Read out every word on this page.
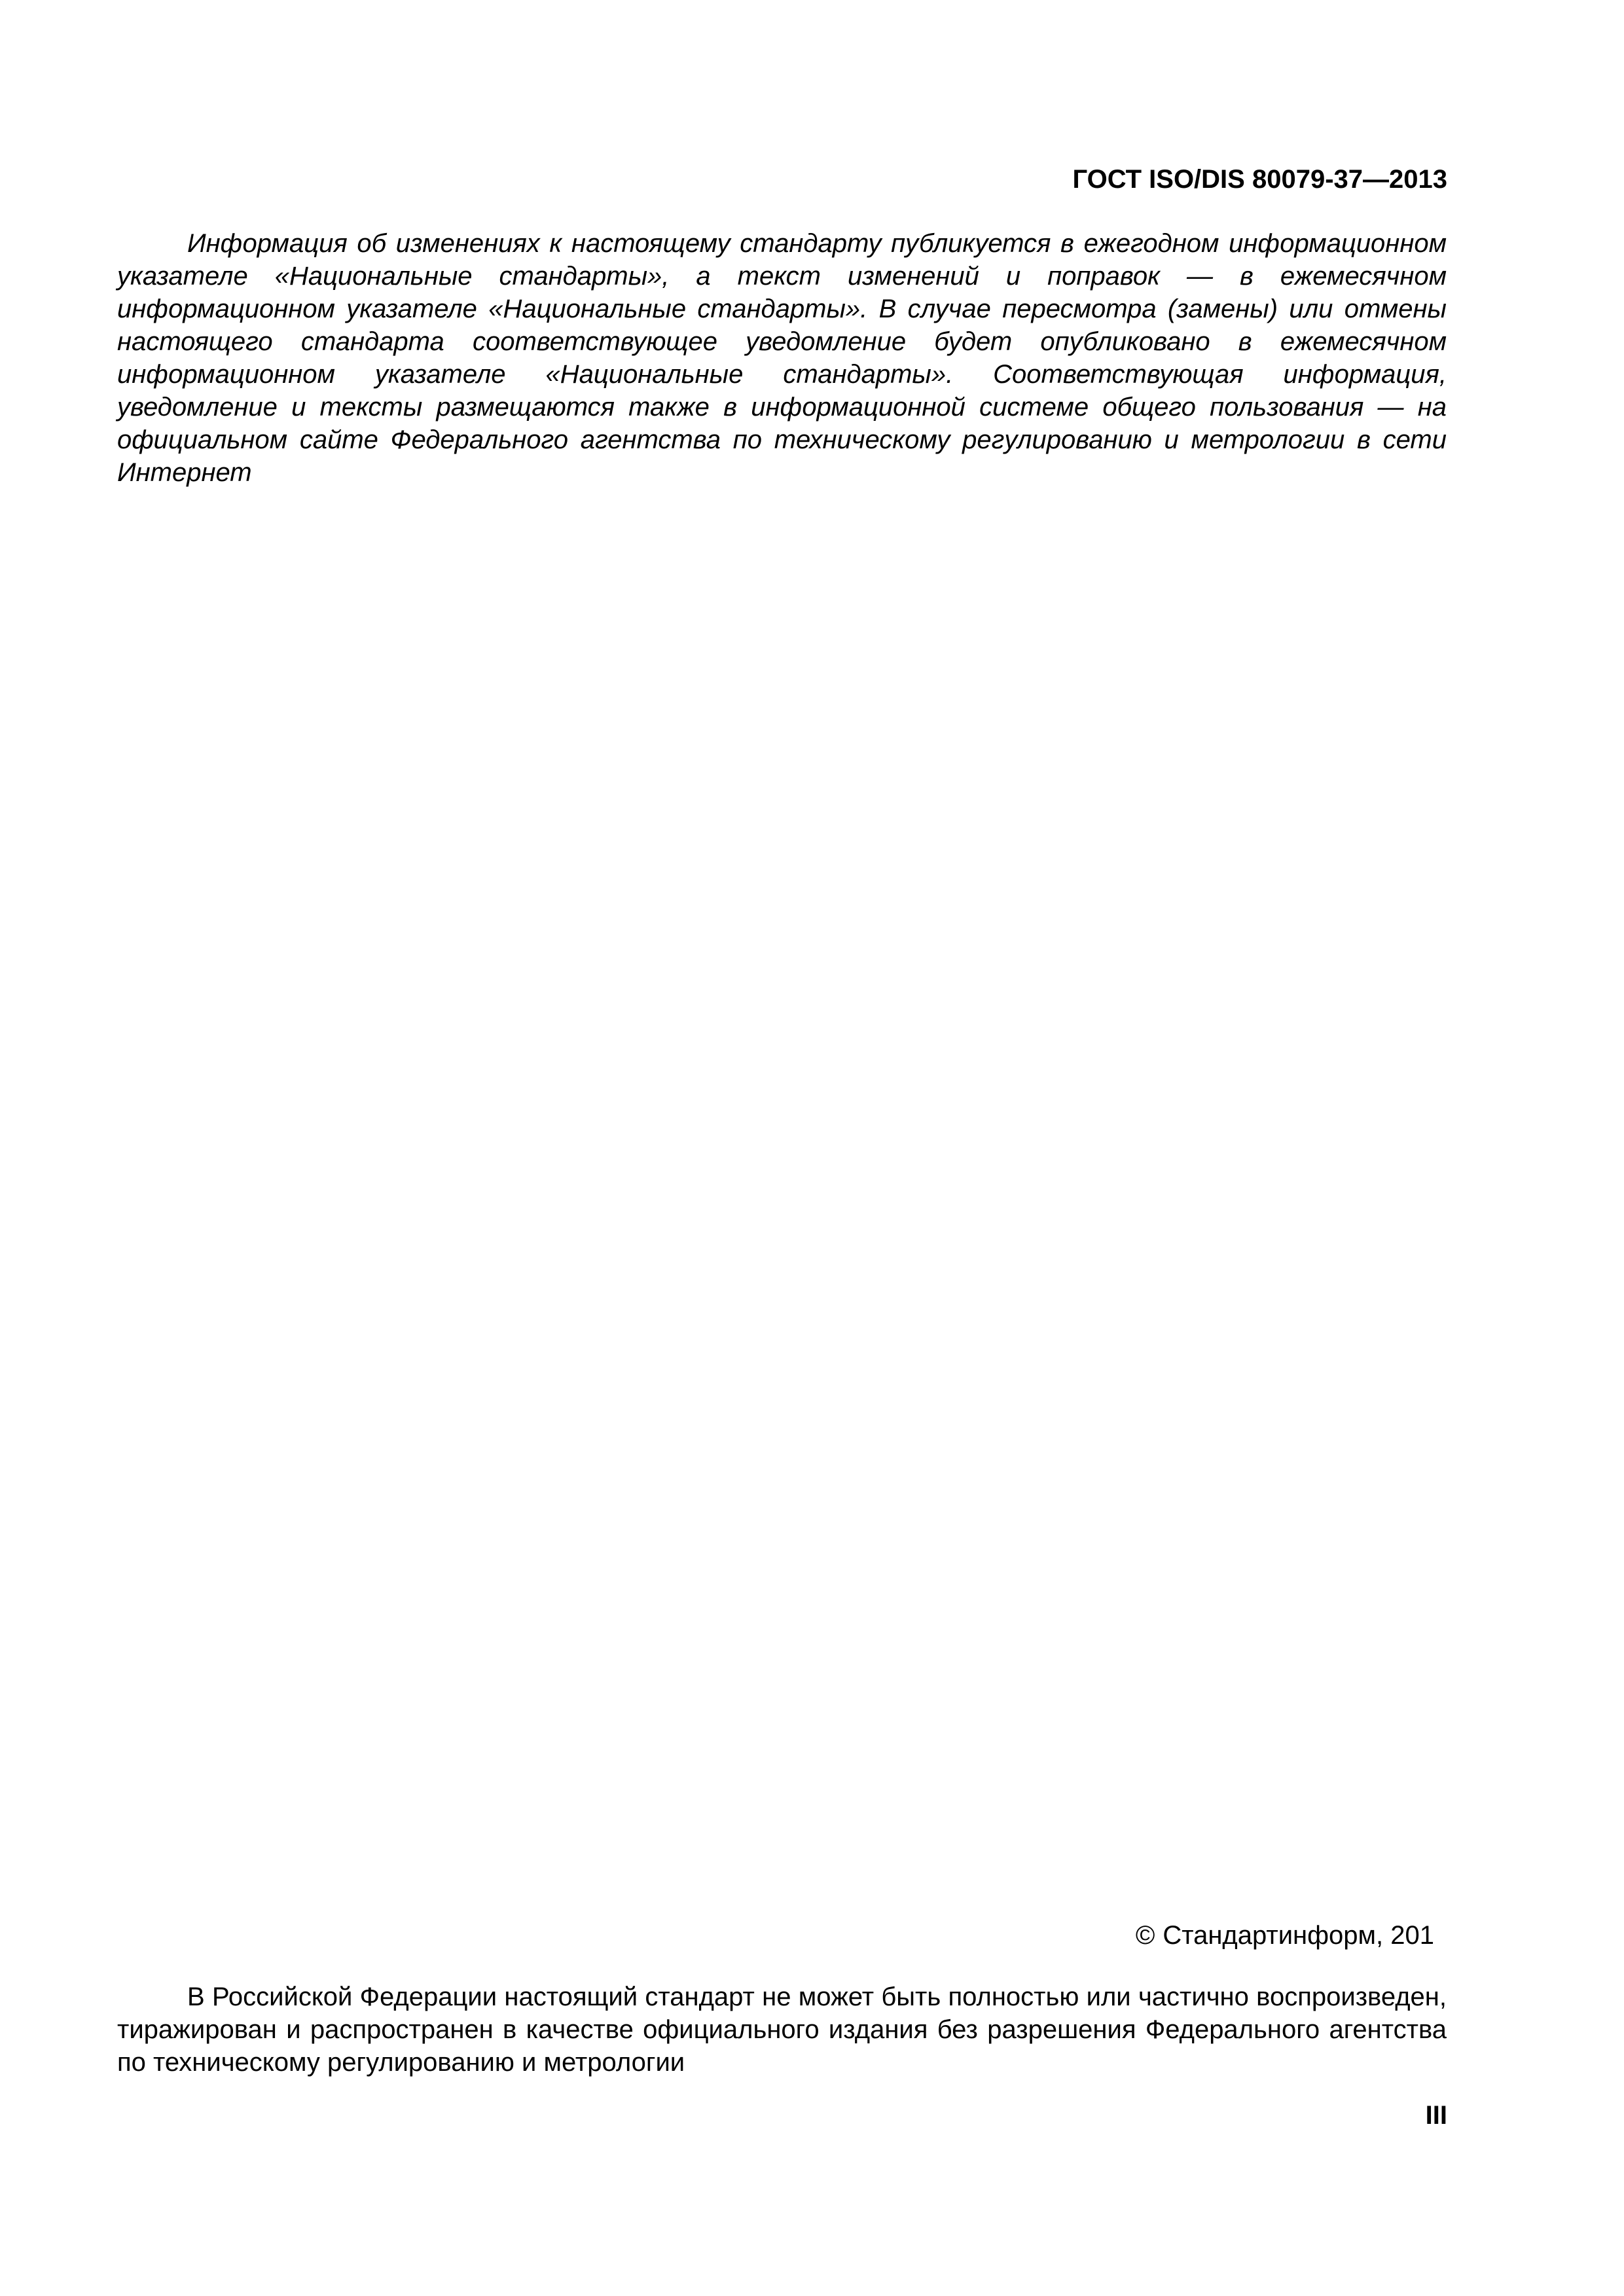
ГОСТ ISO/DIS 80079-37—2013

Информация об изменениях к настоящему стандарту публикуется в ежегодном информационном указателе «Национальные стандарты», а текст изменений и поправок — в ежемесячном информационном указателе «Национальные стандарты». В случае пересмотра (замены) или отмены настоящего стандарта соответствующее уведомление будет опубликовано в ежемесячном информационном указателе «Национальные стандарты». Соответствующая информация, уведомление и тексты размещаются также в информационной системе общего пользования — на официальном сайте Федерального агентства по техническому регулированию и метрологии в сети Интернет

© Стандартинформ, 201

В Российской Федерации настоящий стандарт не может быть полностью или частично воспроизведен, тиражирован и распространен в качестве официального издания без разрешения Федерального агентства по техническому регулированию и метрологии

III
